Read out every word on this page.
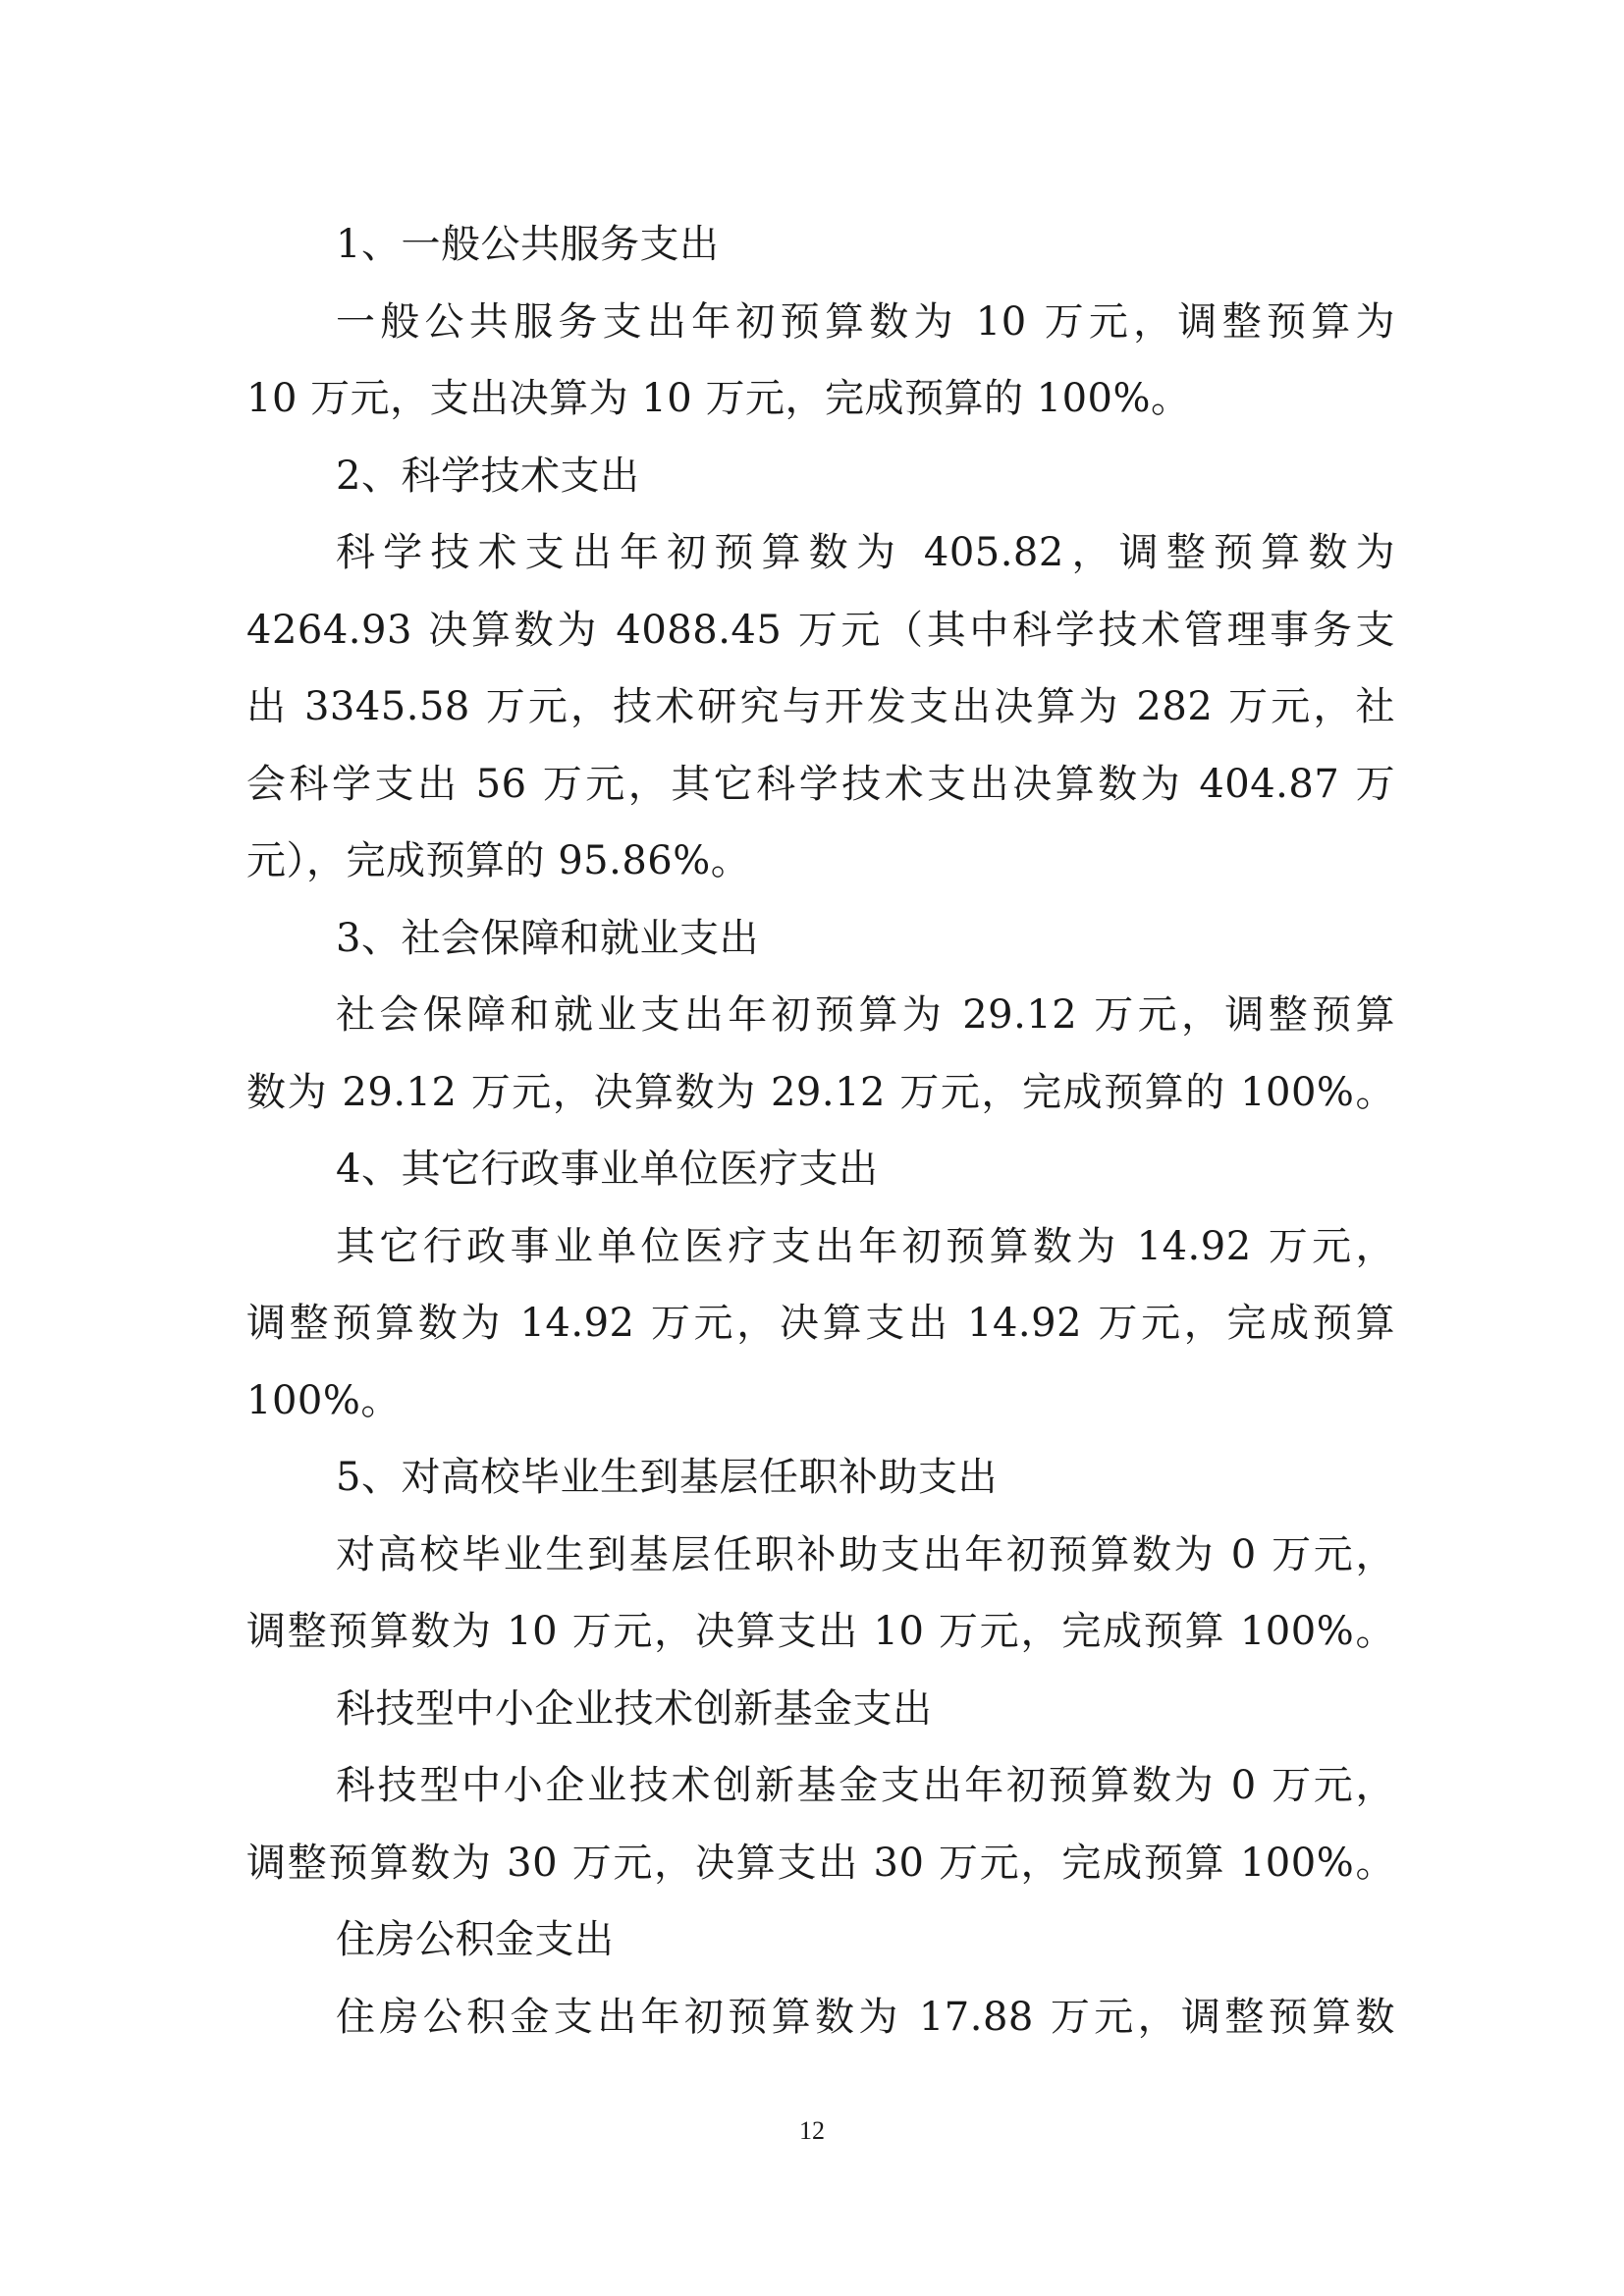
1、一般公共服务支出
一般公共服务支出年初预算数为 10 万元，调整预算为
10 万元，支出决算为 10 万元，完成预算的 100%。
2、科学技术支出
科学技术支出年初预算数为 405.82，调整预算数为
4264.93 决算数为 4088.45 万元（其中科学技术管理事务支
出 3345.58 万元，技术研究与开发支出决算为 282 万元，社
会科学支出 56 万元，其它科学技术支出决算数为 404.87 万
元），完成预算的 95.86%。
3、社会保障和就业支出
社会保障和就业支出年初预算为 29.12 万元，调整预算
数为 29.12 万元，决算数为 29.12 万元，完成预算的 100%。
4、其它行政事业单位医疗支出
其它行政事业单位医疗支出年初预算数为 14.92 万元，
调整预算数为 14.92 万元，决算支出 14.92 万元，完成预算
100%。
5、对高校毕业生到基层任职补助支出
对高校毕业生到基层任职补助支出年初预算数为 0 万元，
调整预算数为 10 万元，决算支出 10 万元，完成预算 100%。
科技型中小企业技术创新基金支出
科技型中小企业技术创新基金支出年初预算数为 0 万元，
调整预算数为 30 万元，决算支出 30 万元，完成预算 100%。
住房公积金支出
住房公积金支出年初预算数为 17.88 万元，调整预算数
12
